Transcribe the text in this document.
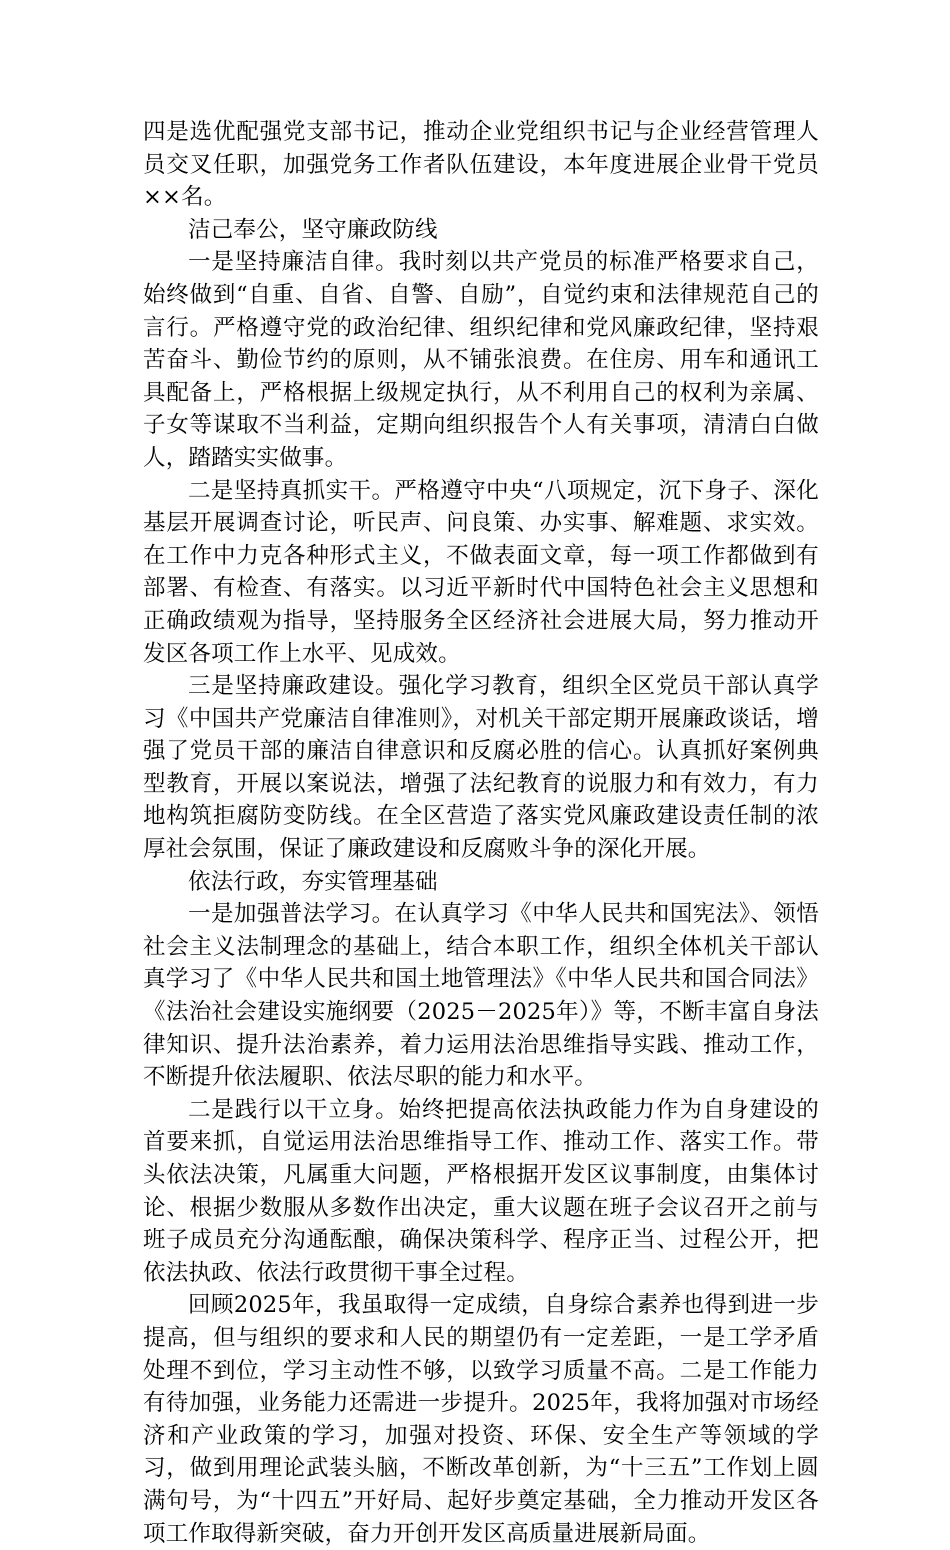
四是选优配强党支部书记，推动企业党组织书记与企业经营管理人员交叉任职，加强党务工作者队伍建设，本年度进展企业骨干党员××名。

洁己奉公，坚守廉政防线

一是坚持廉洁自律。我时刻以共产党员的标准严格要求自己，始终做到“自重、自省、自警、自励”，自觉约束和法律规范自己的言行。严格遵守党的政治纪律、组织纪律和党风廉政纪律，坚持艰苦奋斗、勤俭节约的原则，从不铺张浪费。在住房、用车和通讯工具配备上，严格根据上级规定执行，从不利用自己的权利为亲属、子女等谋取不当利益，定期向组织报告个人有关事项，清清白白做人，踏踏实实做事。

二是坚持真抓实干。严格遵守中央“八项规定，沉下身子、深化基层开展调查讨论，听民声、问良策、办实事、解难题、求实效。在工作中力克各种形式主义，不做表面文章，每一项工作都做到有部署、有检查、有落实。以习近平新时代中国特色社会主义思想和正确政绩观为指导，坚持服务全区经济社会进展大局，努力推动开发区各项工作上水平、见成效。

三是坚持廉政建设。强化学习教育，组织全区党员干部认真学习《中国共产党廉洁自律准则》，对机关干部定期开展廉政谈话，增强了党员干部的廉洁自律意识和反腐必胜的信心。认真抓好案例典型教育，开展以案说法，增强了法纪教育的说服力和有效力，有力地构筑拒腐防变防线。在全区营造了落实党风廉政建设责任制的浓厚社会氛围，保证了廉政建设和反腐败斗争的深化开展。

依法行政，夯实管理基础

一是加强普法学习。在认真学习《中华人民共和国宪法》、领悟社会主义法制理念的基础上，结合本职工作，组织全体机关干部认真学习了《中华人民共和国土地管理法》《中华人民共和国合同法》《法治社会建设实施纲要（2025－2025年）》等，不断丰富自身法律知识、提升法治素养，着力运用法治思维指导实践、推动工作，不断提升依法履职、依法尽职的能力和水平。

二是践行以干立身。始终把提高依法执政能力作为自身建设的首要来抓，自觉运用法治思维指导工作、推动工作、落实工作。带头依法决策，凡属重大问题，严格根据开发区议事制度，由集体讨论、根据少数服从多数作出决定，重大议题在班子会议召开之前与班子成员充分沟通酝酿，确保决策科学、程序正当、过程公开，把依法执政、依法行政贯彻干事全过程。

回顾2025年，我虽取得一定成绩，自身综合素养也得到进一步提高，但与组织的要求和人民的期望仍有一定差距，一是工学矛盾处理不到位，学习主动性不够，以致学习质量不高。二是工作能力有待加强，业务能力还需进一步提升。2025年，我将加强对市场经济和产业政策的学习，加强对投资、环保、安全生产等领域的学习，做到用理论武装头脑，不断改革创新，为“十三五”工作划上圆满句号，为“十四五”开好局、起好步奠定基础，全力推动开发区各项工作取得新突破，奋力开创开发区高质量进展新局面。
